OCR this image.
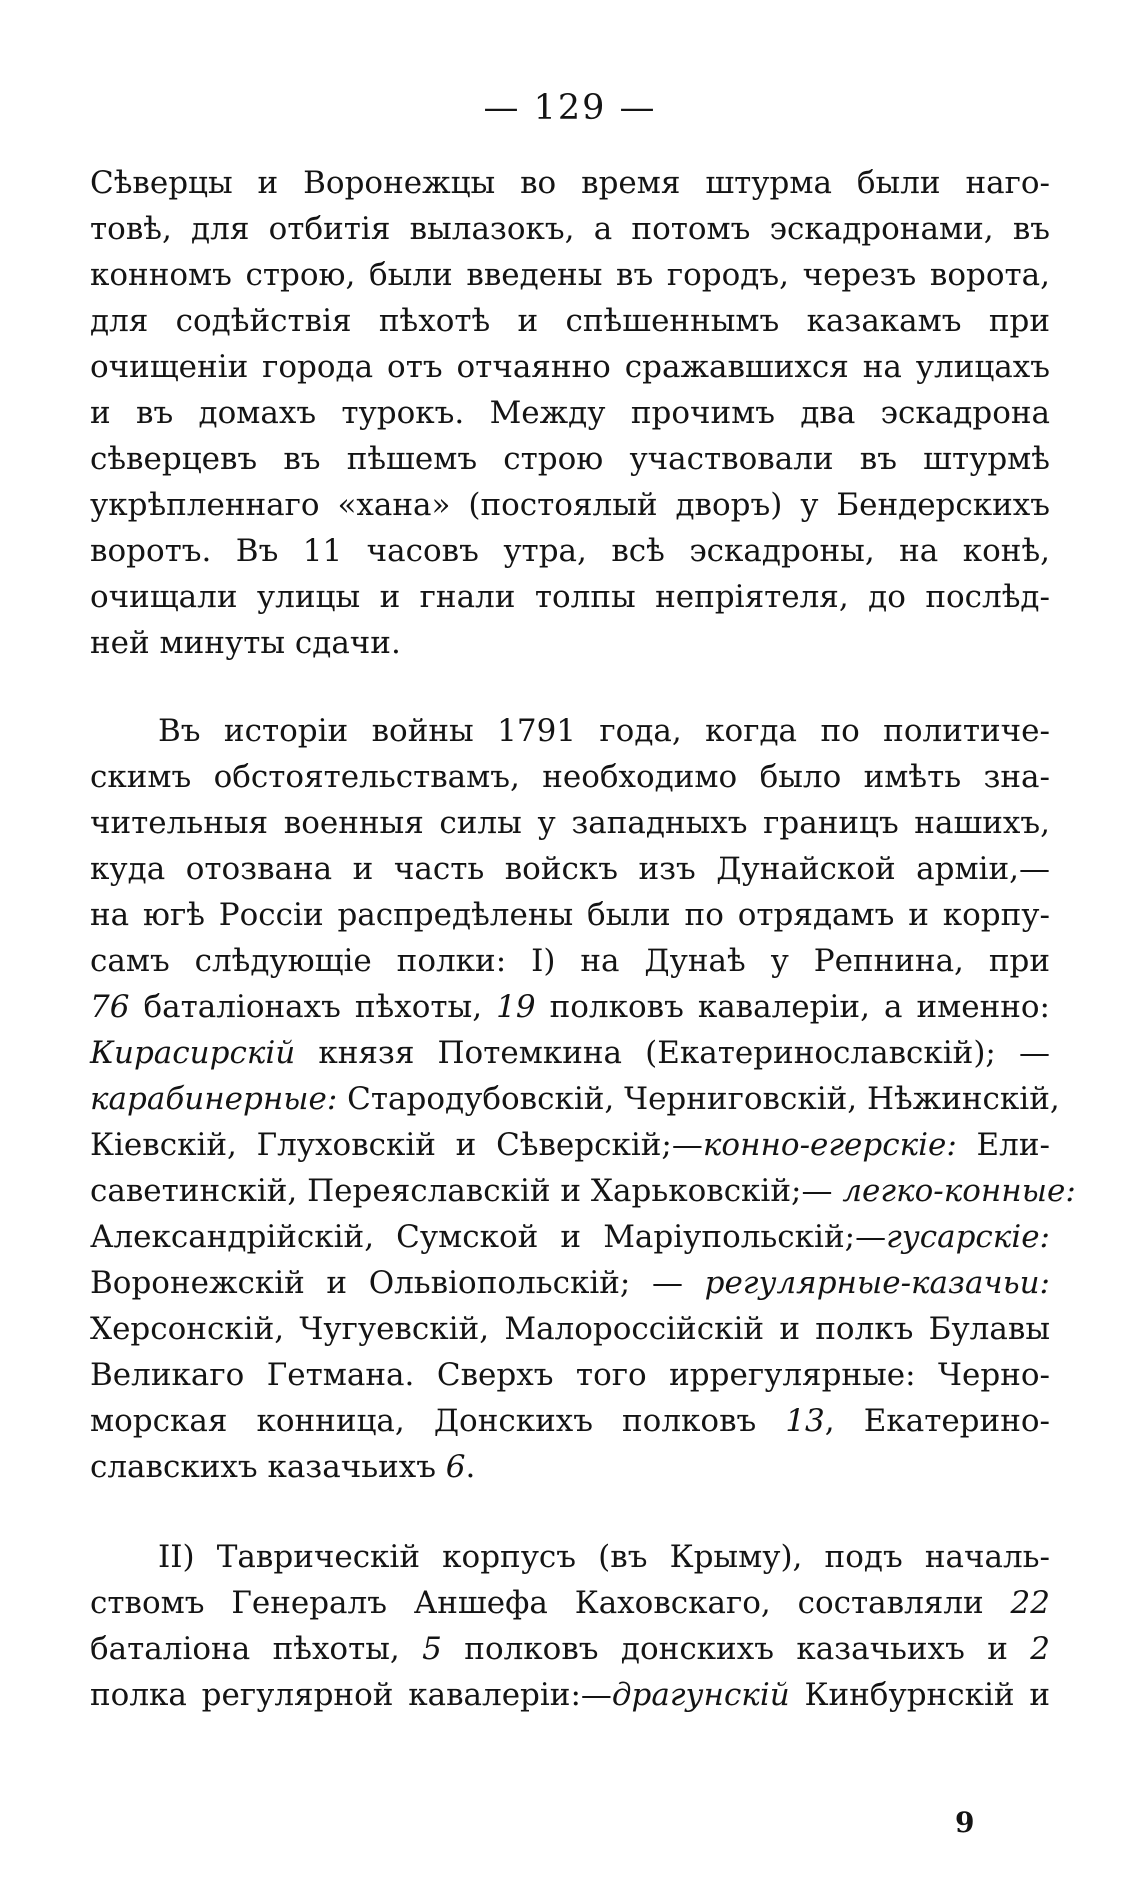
— 129 —
Сѣверцы и Воронежцы во время штурма были наго-
товѣ, для отбитія вылазокъ, а потомъ эскадронами, въ
конномъ строю, были введены въ городъ, черезъ ворота,
для содѣйствія пѣхотѣ и спѣшеннымъ казакамъ при
очищеніи города отъ отчаянно сражавшихся на улицахъ
и въ домахъ турокъ. Между прочимъ два эскадрона
сѣверцевъ въ пѣшемъ строю участвовали въ штурмѣ
укрѣпленнаго «хана» (постоялый дворъ) у Бендерскихъ
воротъ. Въ 11 часовъ утра, всѣ эскадроны, на конѣ,
очищали улицы и гнали толпы непріятеля, до послѣд-
ней минуты сдачи.
Въ исторіи войны 1791 года, когда по политиче-
скимъ обстоятельствамъ, необходимо было имѣть зна-
чительныя военныя силы у западныхъ границъ нашихъ,
куда отозвана и часть войскъ изъ Дунайской арміи,—
на югѣ Россіи распредѣлены были по отрядамъ и корпу-
самъ слѣдующіе полки: I) на Дунаѣ у Репнина, при
76 баталіонахъ пѣхоты, 19 полковъ кавалеріи, а именно:
Кирасирскій князя Потемкина (Екатеринославскій); —
карабинерные: Стародубовскій, Черниговскій, Нѣжинскій,
Кіевскій, Глуховскій и Сѣверскій;—конно-егерскіе: Ели-
саветинскій, Переяславскій и Харьковскій;— легко-конные:
Александрійскій, Сумской и Маріупольскій;—гусарскіе:
Воронежскій и Ольвіопольскій; — регулярные-казачьи:
Херсонскій, Чугуевскій, Малороссійскій и полкъ Булавы
Великаго Гетмана. Сверхъ того иррегулярные: Черно-
морская конница, Донскихъ полковъ 13, Екатерино-
славскихъ казачьихъ 6.
II) Таврическій корпусъ (въ Крыму), подъ началь-
ствомъ Генералъ Аншефа Каховскаго, составляли 22
баталіона пѣхоты, 5 полковъ донскихъ казачьихъ и 2
полка регулярной кавалеріи:—драгунскій Кинбурнскій и
9
